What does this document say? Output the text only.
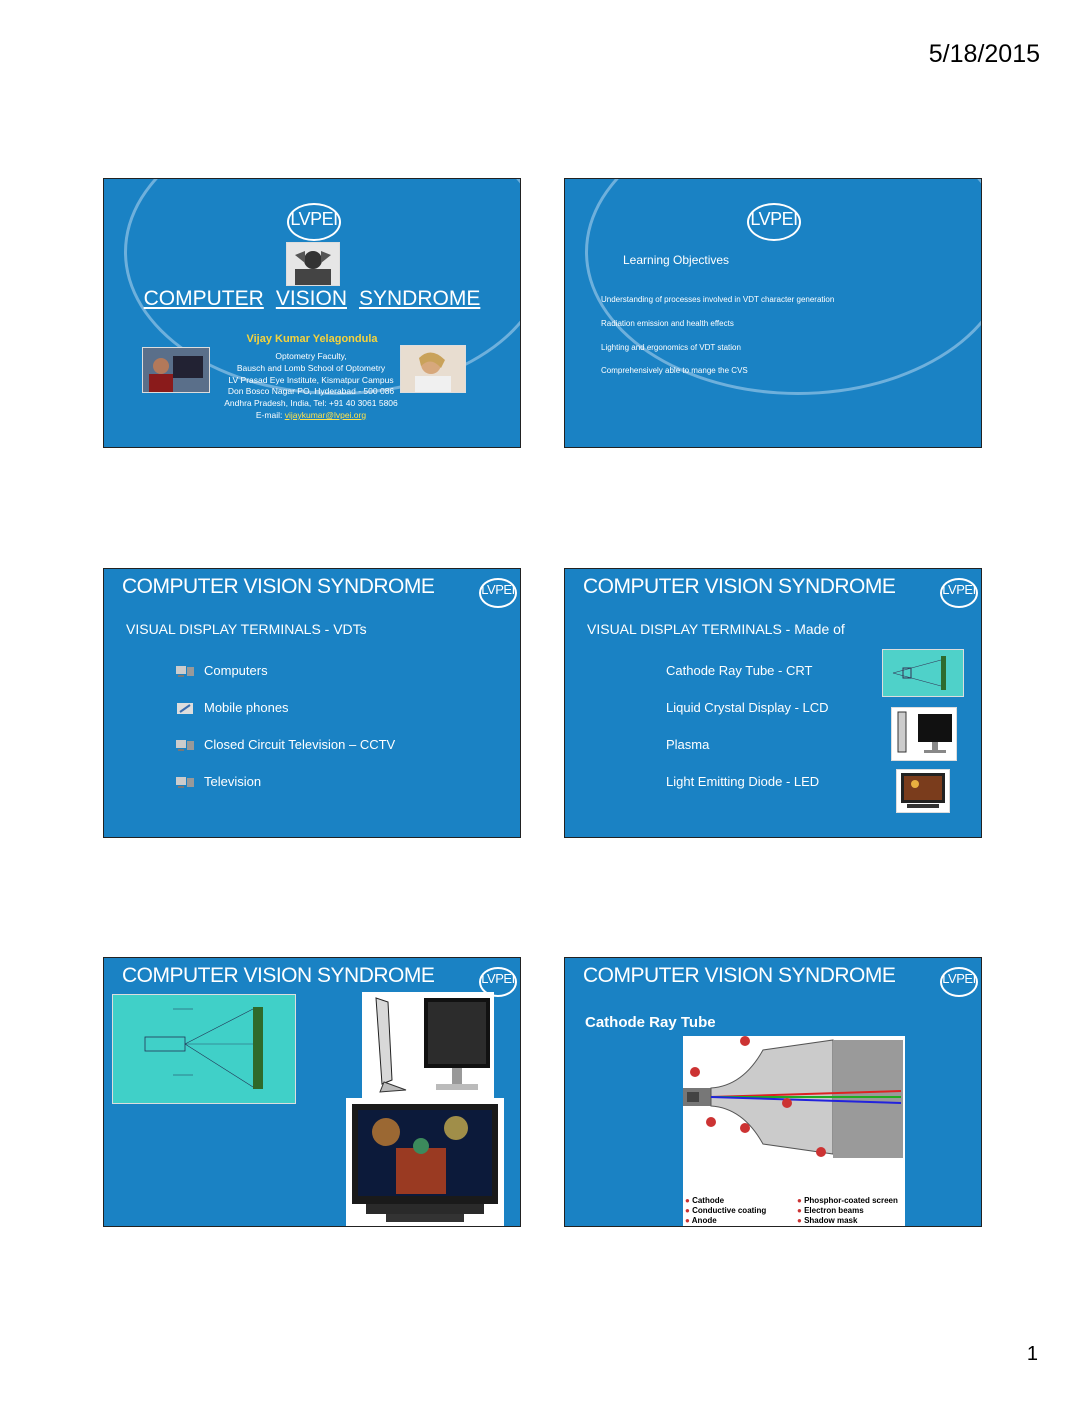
5/18/2015
LVPEI
COMPUTER VISION SYNDROME
Vijay Kumar Yelagondula
Optometry Faculty,
Bausch and Lomb School of Optometry
LV Prasad Eye Institute, Kismatpur Campus
Don Bosco Nagar PO, Hyderabad - 500 086
Andhra Pradesh, India, Tel: +91 40 3061 5806
E-mail: vijaykumar@lvpei.org
LVPEI
Learning Objectives
Understanding of processes involved in VDT character generation
Radiation emission and health effects
Lighting and ergonomics of VDT station
Comprehensively able to mange the CVS
COMPUTER VISION SYNDROME	LVPEI
VISUAL DISPLAY TERMINALS - VDTs
Computers
Mobile phones
Closed Circuit Television – CCTV
Television
COMPUTER VISION SYNDROME	LVPEI
VISUAL DISPLAY TERMINALS - Made of
Cathode Ray Tube - CRT
Liquid Crystal Display - LCD
Plasma
Light Emitting Diode - LED
COMPUTER VISION SYNDROME	LVPEI	COMPUTER VISION SYNDROME	LVPEI
Cathode Ray Tube
● Cathode
● Conductive coating
● Anode
● Phosphor-coated screen
● Electron beams
● Shadow mask
1
